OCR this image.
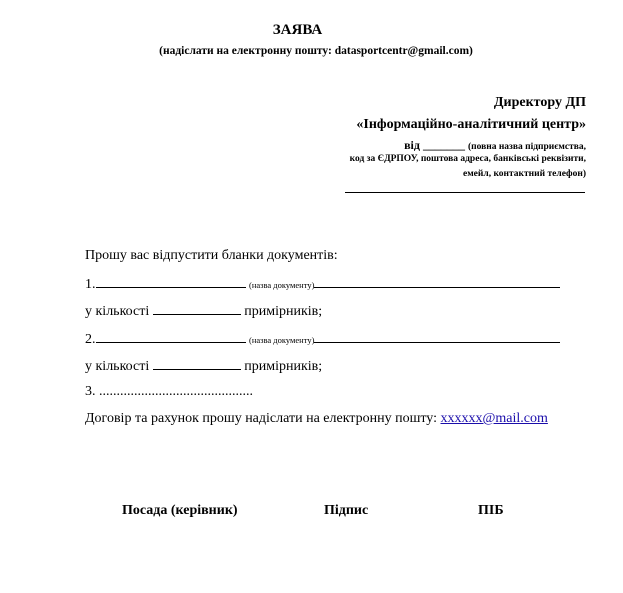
ЗАЯВА
(надіслати на електронну пошту: datasportcentr@gmail.com)
Директору ДП
«Інформаційно-аналітичний центр»
від _______ (повна назва підприємства,
код за ЄДРПОУ, поштова адреса, банківські реквізити,
емейл, контактний телефон)
Прошу вас відпустити бланки документів:
1.	(назва документу)
у кількості	примірників;
2.	(назва документу)
у кількості	примірників;
3. ............................................
Договір та рахунок прошу надіслати на електронну пошту: xxxxxx@mail.com
Посада (керівник)	Підпис	ПІБ
